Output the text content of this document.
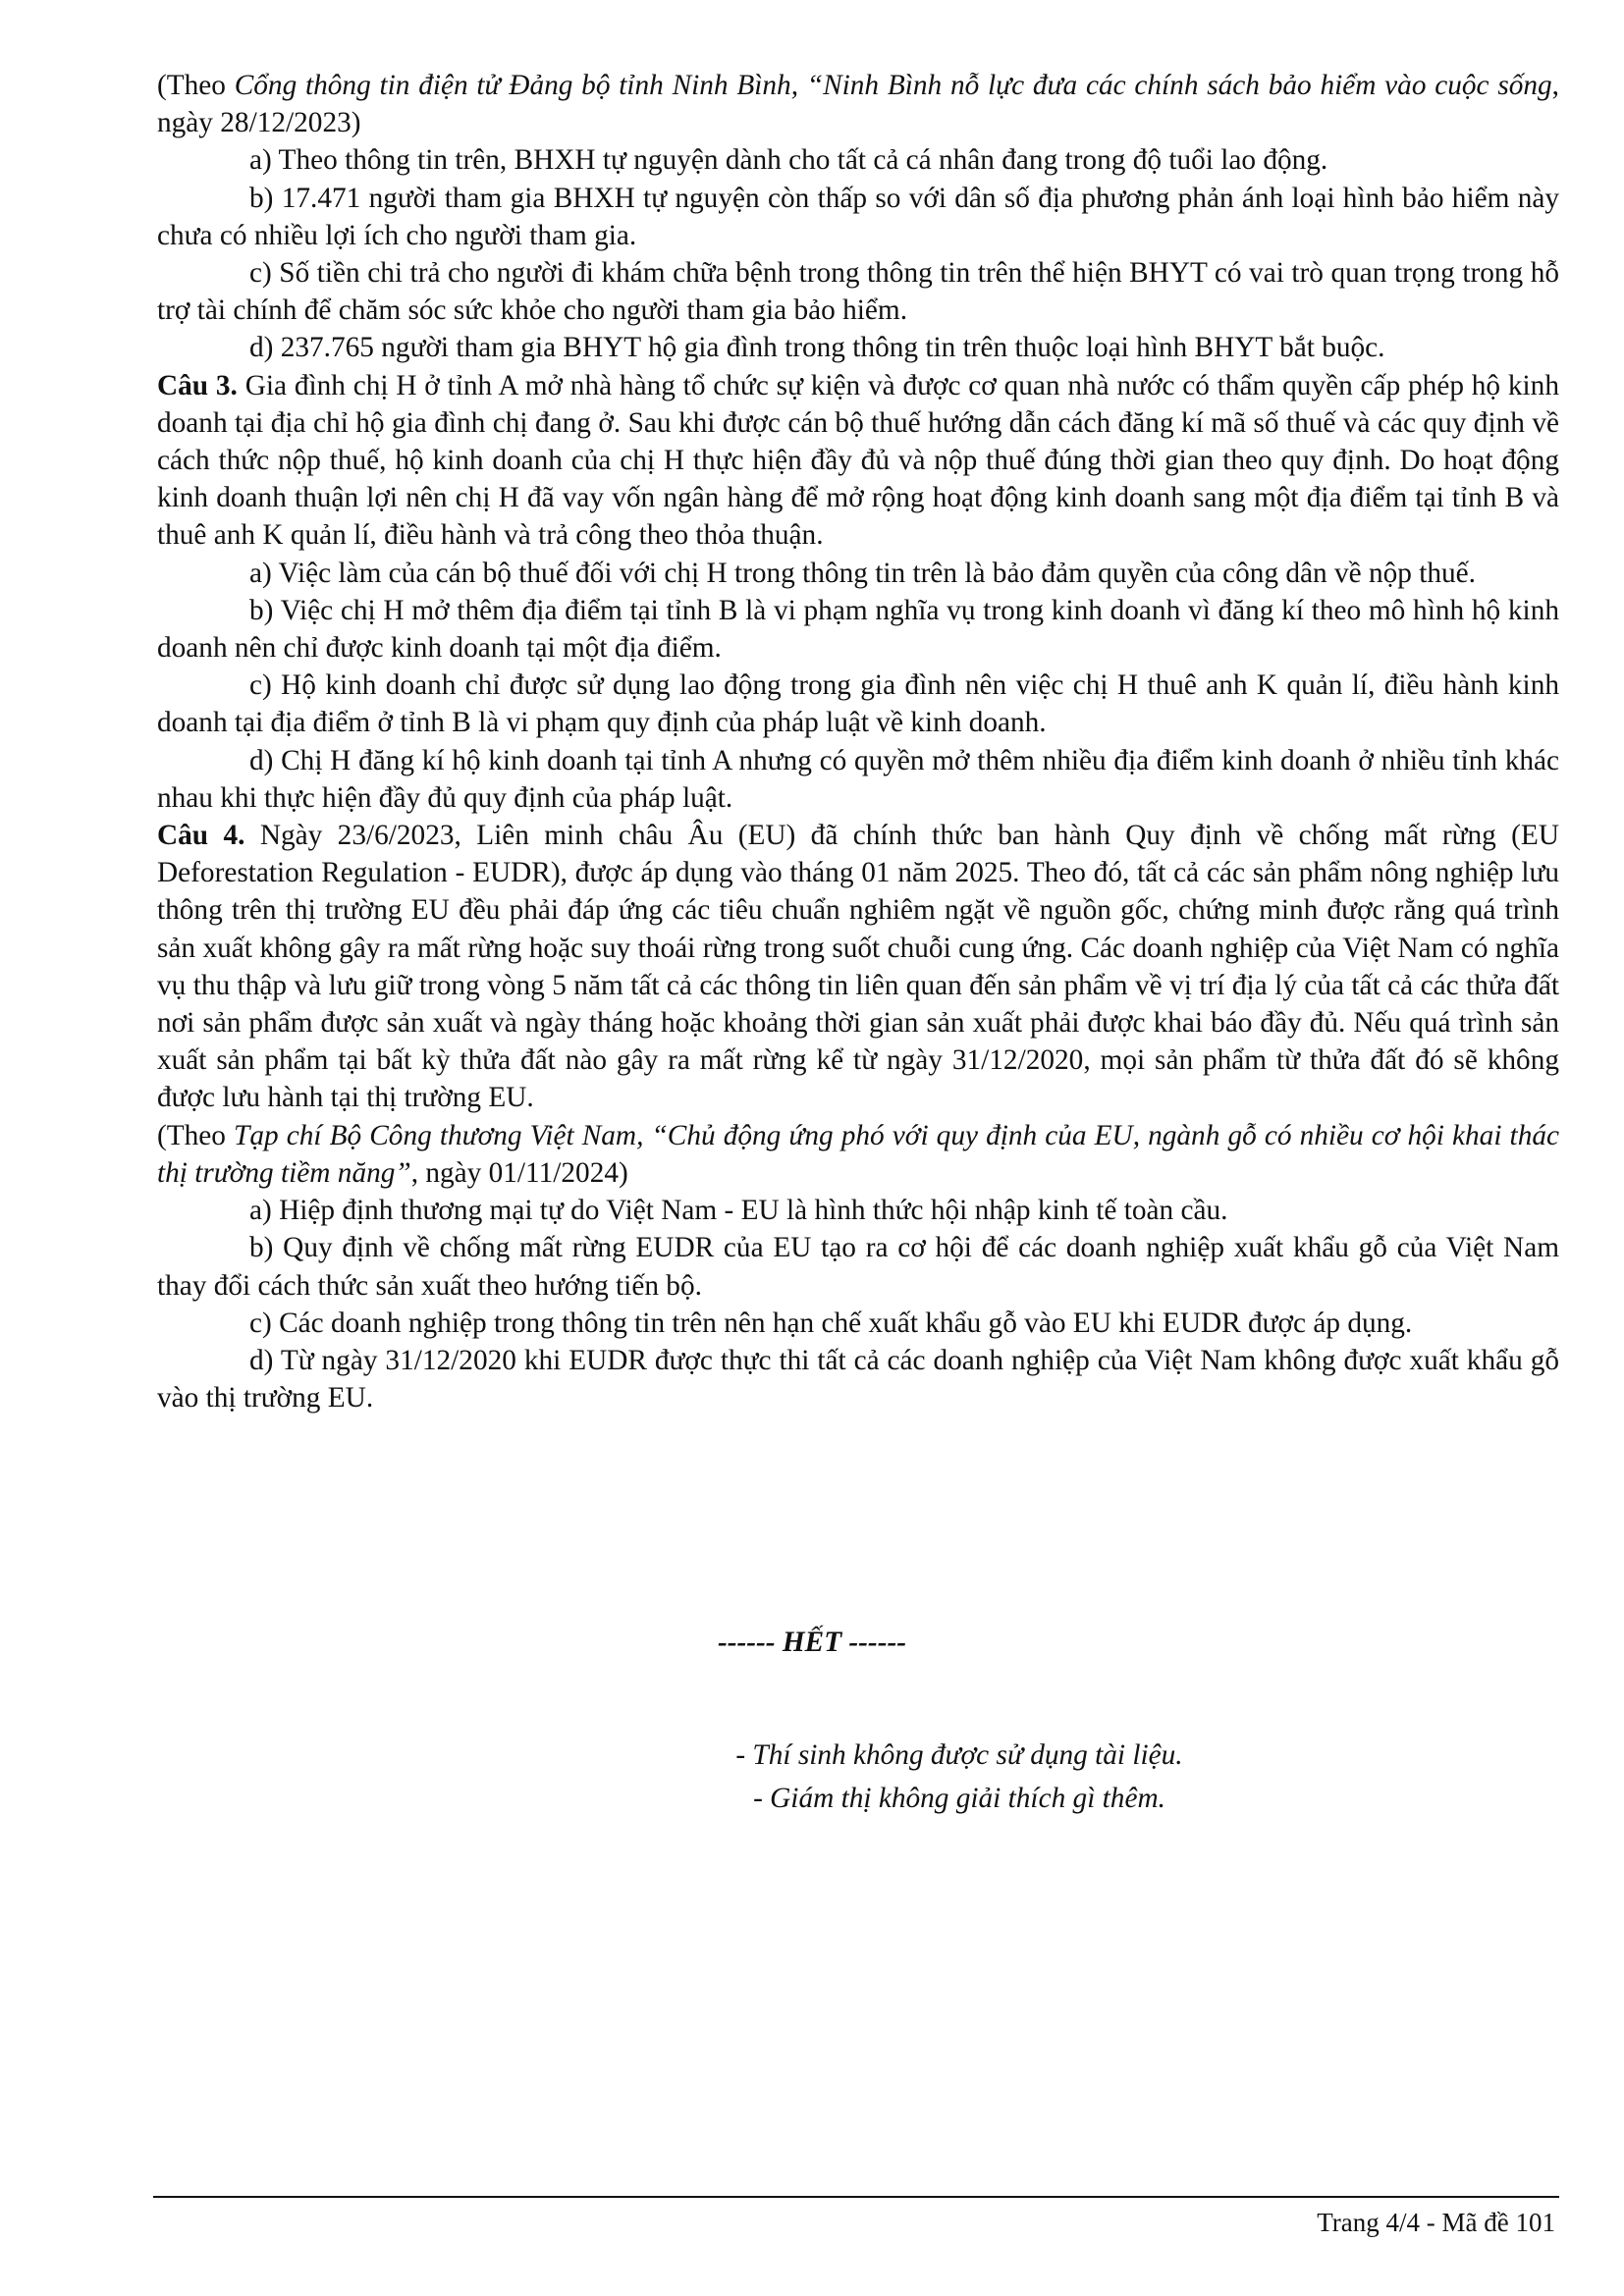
(Theo Cổng thông tin điện tử Đảng bộ tỉnh Ninh Bình, “Ninh Bình nỗ lực đưa các chính sách bảo hiểm vào cuộc sống, ngày 28/12/2023)

a) Theo thông tin trên, BHXH tự nguyện dành cho tất cả cá nhân đang trong độ tuổi lao động.

b) 17.471 người tham gia BHXH tự nguyện còn thấp so với dân số địa phương phản ánh loại hình bảo hiểm này chưa có nhiều lợi ích cho người tham gia.

c) Số tiền chi trả cho người đi khám chữa bệnh trong thông tin trên thể hiện BHYT có vai trò quan trọng trong hỗ trợ tài chính để chăm sóc sức khỏe cho người tham gia bảo hiểm.

d) 237.765 người tham gia BHYT hộ gia đình trong thông tin trên thuộc loại hình BHYT bắt buộc.

Câu 3. Gia đình chị H ở tỉnh A mở nhà hàng tổ chức sự kiện và được cơ quan nhà nước có thẩm quyền cấp phép hộ kinh doanh tại địa chỉ hộ gia đình chị đang ở. Sau khi được cán bộ thuế hướng dẫn cách đăng kí mã số thuế và các quy định về cách thức nộp thuế, hộ kinh doanh của chị H thực hiện đầy đủ và nộp thuế đúng thời gian theo quy định. Do hoạt động kinh doanh thuận lợi nên chị H đã vay vốn ngân hàng để mở rộng hoạt động kinh doanh sang một địa điểm tại tỉnh B và thuê anh K quản lí, điều hành và trả công theo thỏa thuận.

a) Việc làm của cán bộ thuế đối với chị H trong thông tin trên là bảo đảm quyền của công dân về nộp thuế.

b) Việc chị H mở thêm địa điểm tại tỉnh B là vi phạm nghĩa vụ trong kinh doanh vì đăng kí theo mô hình hộ kinh doanh nên chỉ được kinh doanh tại một địa điểm.

c) Hộ kinh doanh chỉ được sử dụng lao động trong gia đình nên việc chị H thuê anh K quản lí, điều hành kinh doanh tại địa điểm ở tỉnh B là vi phạm quy định của pháp luật về kinh doanh.

d) Chị H đăng kí hộ kinh doanh tại tỉnh A nhưng có quyền mở thêm nhiều địa điểm kinh doanh ở nhiều tỉnh khác nhau khi thực hiện đầy đủ quy định của pháp luật.

Câu 4. Ngày 23/6/2023, Liên minh châu Âu (EU) đã chính thức ban hành Quy định về chống mất rừng (EU Deforestation Regulation - EUDR), được áp dụng vào tháng 01 năm 2025. Theo đó, tất cả các sản phẩm nông nghiệp lưu thông trên thị trường EU đều phải đáp ứng các tiêu chuẩn nghiêm ngặt về nguồn gốc, chứng minh được rằng quá trình sản xuất không gây ra mất rừng hoặc suy thoái rừng trong suốt chuỗi cung ứng. Các doanh nghiệp của Việt Nam có nghĩa vụ thu thập và lưu giữ trong vòng 5 năm tất cả các thông tin liên quan đến sản phẩm về vị trí địa lý của tất cả các thửa đất nơi sản phẩm được sản xuất và ngày tháng hoặc khoảng thời gian sản xuất phải được khai báo đầy đủ. Nếu quá trình sản xuất sản phẩm tại bất kỳ thửa đất nào gây ra mất rừng kể từ ngày 31/12/2020, mọi sản phẩm từ thửa đất đó sẽ không được lưu hành tại thị trường EU.

(Theo Tạp chí Bộ Công thương Việt Nam, “Chủ động ứng phó với quy định của EU, ngành gỗ có nhiều cơ hội khai thác thị trường tiềm năng”, ngày 01/11/2024)

a) Hiệp định thương mại tự do Việt Nam - EU là hình thức hội nhập kinh tế toàn cầu.

b) Quy định về chống mất rừng EUDR của EU tạo ra cơ hội để các doanh nghiệp xuất khẩu gỗ của Việt Nam thay đổi cách thức sản xuất theo hướng tiến bộ.

c) Các doanh nghiệp trong thông tin trên nên hạn chế xuất khẩu gỗ vào EU khi EUDR được áp dụng.

d) Từ ngày 31/12/2020 khi EUDR được thực thi tất cả các doanh nghiệp của Việt Nam không được xuất khẩu gỗ vào thị trường EU.

------ HẾT ------
- Thí sinh không được sử dụng tài liệu.
- Giám thị không giải thích gì thêm.
Trang 4/4 - Mã đề 101
